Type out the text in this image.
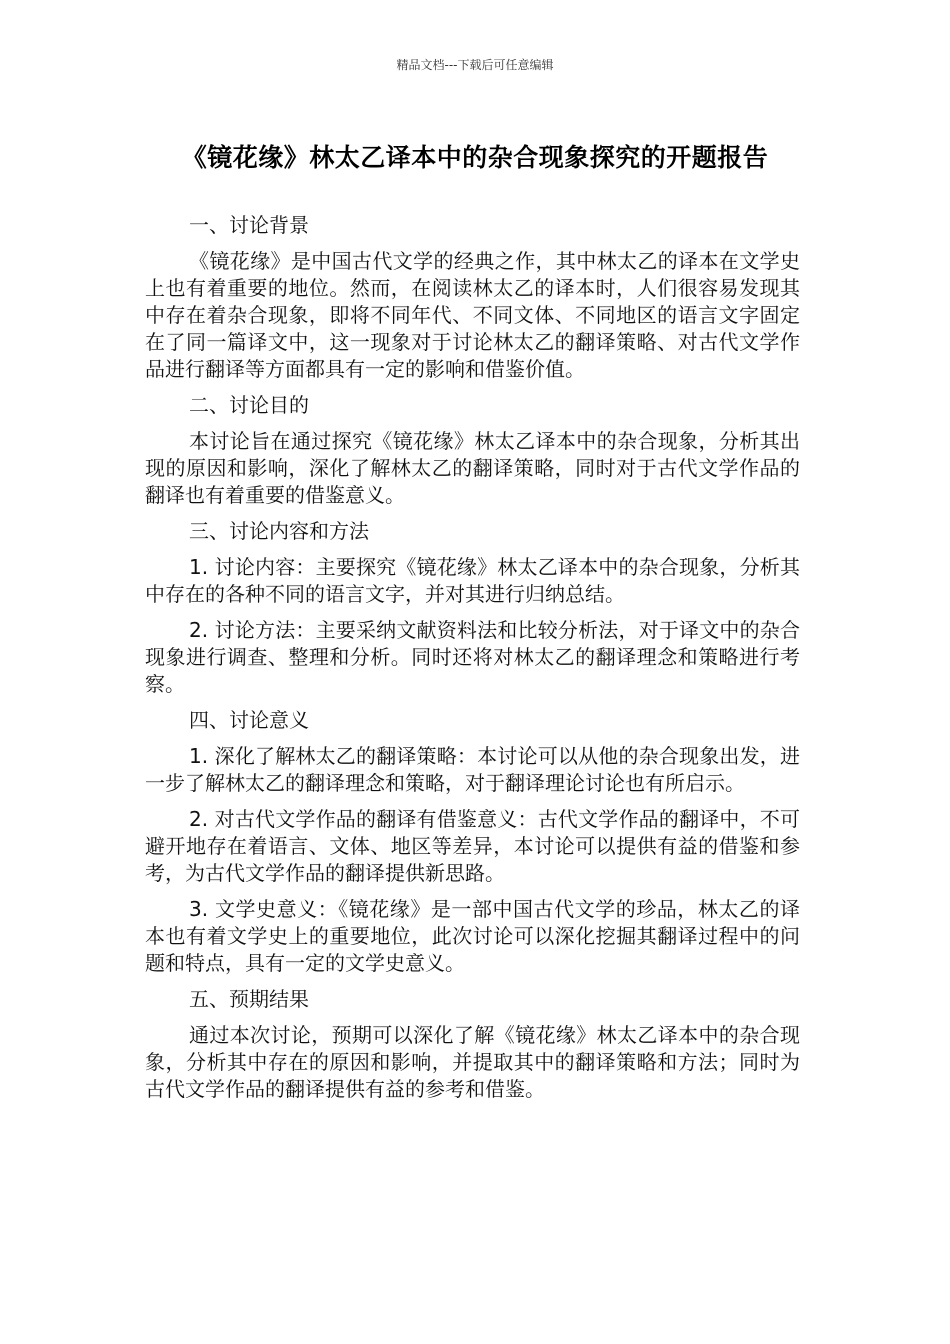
精品文档---下载后可任意编辑
《镜花缘》林太乙译本中的杂合现象探究的开题报告
一、讨论背景
《镜花缘》是中国古代文学的经典之作，其中林太乙的译本在文学史上也有着重要的地位。然而，在阅读林太乙的译本时，人们很容易发现其中存在着杂合现象，即将不同年代、不同文体、不同地区的语言文字固定在了同一篇译文中，这一现象对于讨论林太乙的翻译策略、对古代文学作品进行翻译等方面都具有一定的影响和借鉴价值。
二、讨论目的
本讨论旨在通过探究《镜花缘》林太乙译本中的杂合现象，分析其出现的原因和影响，深化了解林太乙的翻译策略，同时对于古代文学作品的翻译也有着重要的借鉴意义。
三、讨论内容和方法
1. 讨论内容：主要探究《镜花缘》林太乙译本中的杂合现象，分析其中存在的各种不同的语言文字，并对其进行归纳总结。
2. 讨论方法：主要采纳文献资料法和比较分析法，对于译文中的杂合现象进行调查、整理和分析。同时还将对林太乙的翻译理念和策略进行考察。
四、讨论意义
1. 深化了解林太乙的翻译策略：本讨论可以从他的杂合现象出发，进一步了解林太乙的翻译理念和策略，对于翻译理论讨论也有所启示。
2. 对古代文学作品的翻译有借鉴意义：古代文学作品的翻译中，不可避开地存在着语言、文体、地区等差异，本讨论可以提供有益的借鉴和参考，为古代文学作品的翻译提供新思路。
3. 文学史意义：《镜花缘》是一部中国古代文学的珍品，林太乙的译本也有着文学史上的重要地位，此次讨论可以深化挖掘其翻译过程中的问题和特点，具有一定的文学史意义。
五、预期结果
通过本次讨论，预期可以深化了解《镜花缘》林太乙译本中的杂合现象，分析其中存在的原因和影响，并提取其中的翻译策略和方法；同时为古代文学作品的翻译提供有益的参考和借鉴。
